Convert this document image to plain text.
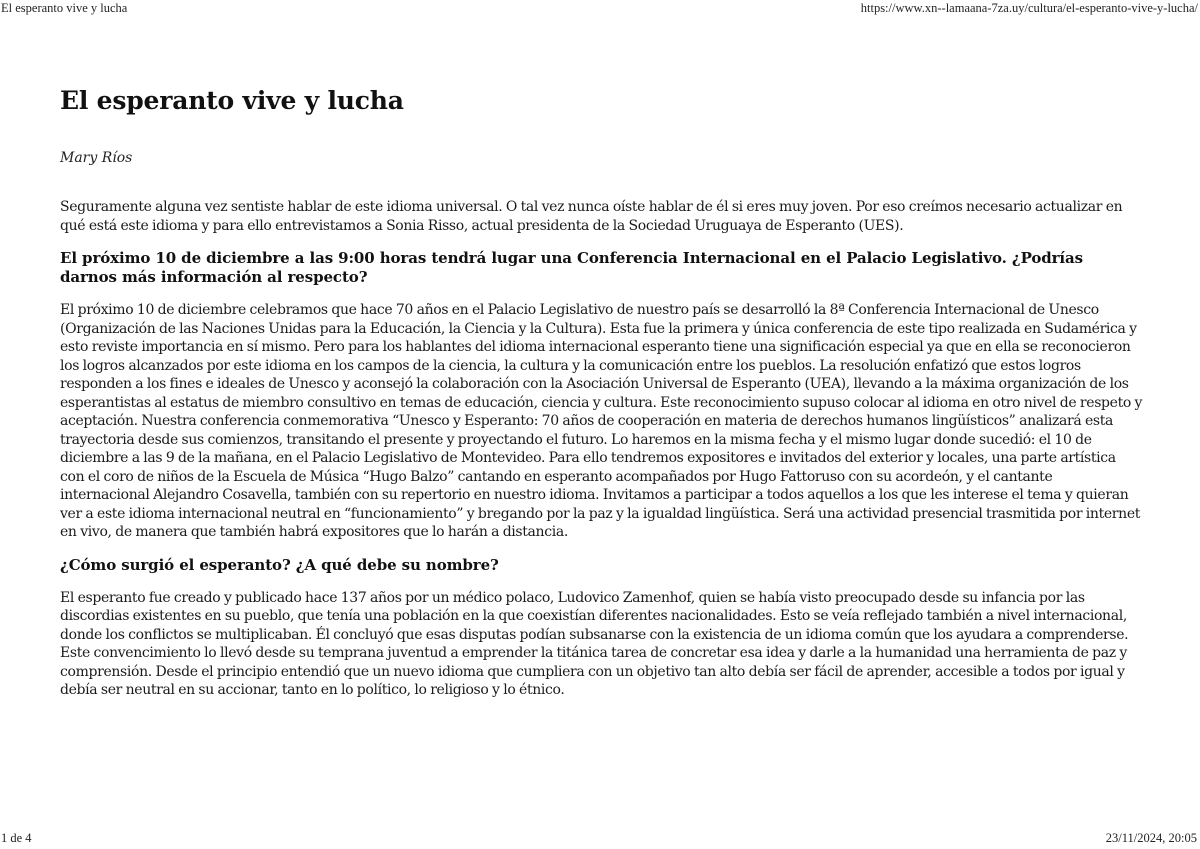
El esperanto vive y lucha	https://www.xn--lamaana-7za.uy/cultura/el-esperanto-vive-y-lucha/
El esperanto vive y lucha
Mary Ríos

Seguramente alguna vez sentiste hablar de este idioma universal. O tal vez nunca oíste hablar de él si eres muy joven. Por eso creímos necesario actualizar en qué está este idioma y para ello entrevistamos a Sonia Risso, actual presidenta de la Sociedad Uruguaya de Esperanto (UES).

El próximo 10 de diciembre a las 9:00 horas tendrá lugar una Conferencia Internacional en el Palacio Legislativo. ¿Podrías darnos más información al respecto?

El próximo 10 de diciembre celebramos que hace 70 años en el Palacio Legislativo de nuestro país se desarrolló la 8ª Conferencia Internacional de Unesco (Organización de las Naciones Unidas para la Educación, la Ciencia y la Cultura). Esta fue la primera y única conferencia de este tipo realizada en Sudamérica y esto reviste importancia en sí mismo. Pero para los hablantes del idioma internacional esperanto tiene una significación especial ya que en ella se reconocieron los logros alcanzados por este idioma en los campos de la ciencia, la cultura y la comunicación entre los pueblos. La resolución enfatizó que estos logros responden a los fines e ideales de Unesco y aconsejó la colaboración con la Asociación Universal de Esperanto (UEA), llevando a la máxima organización de los esperantistas al estatus de miembro consultivo en temas de educación, ciencia y cultura. Este reconocimiento supuso colocar al idioma en otro nivel de respeto y aceptación. Nuestra conferencia conmemorativa “Unesco y Esperanto: 70 años de cooperación en materia de derechos humanos lingüísticos” analizará esta trayectoria desde sus comienzos, transitando el presente y proyectando el futuro. Lo haremos en la misma fecha y el mismo lugar donde sucedió: el 10 de diciembre a las 9 de la mañana, en el Palacio Legislativo de Montevideo. Para ello tendremos expositores e invitados del exterior y locales, una parte artística con el coro de niños de la Escuela de Música “Hugo Balzo” cantando en esperanto acompañados por Hugo Fattoruso con su acordeón, y el cantante internacional Alejandro Cosavella, también con su repertorio en nuestro idioma. Invitamos a participar a todos aquellos a los que les interese el tema y quieran ver a este idioma internacional neutral en “funcionamiento” y bregando por la paz y la igualdad lingüística. Será una actividad presencial trasmitida por internet en vivo, de manera que también habrá expositores que lo harán a distancia.

¿Cómo surgió el esperanto? ¿A qué debe su nombre?

El esperanto fue creado y publicado hace 137 años por un médico polaco, Ludovico Zamenhof, quien se había visto preocupado desde su infancia por las discordias existentes en su pueblo, que tenía una población en la que coexistían diferentes nacionalidades. Esto se veía reflejado también a nivel internacional, donde los conflictos se multiplicaban. Él concluyó que esas disputas podían subsanarse con la existencia de un idioma común que los ayudara a comprenderse. Este convencimiento lo llevó desde su temprana juventud a emprender la titánica tarea de concretar esa idea y darle a la humanidad una herramienta de paz y comprensión. Desde el principio entendió que un nuevo idioma que cumpliera con un objetivo tan alto debía ser fácil de aprender, accesible a todos por igual y debía ser neutral en su accionar, tanto en lo político, lo religioso y lo étnico.

1 de 4	23/11/2024, 20:05
